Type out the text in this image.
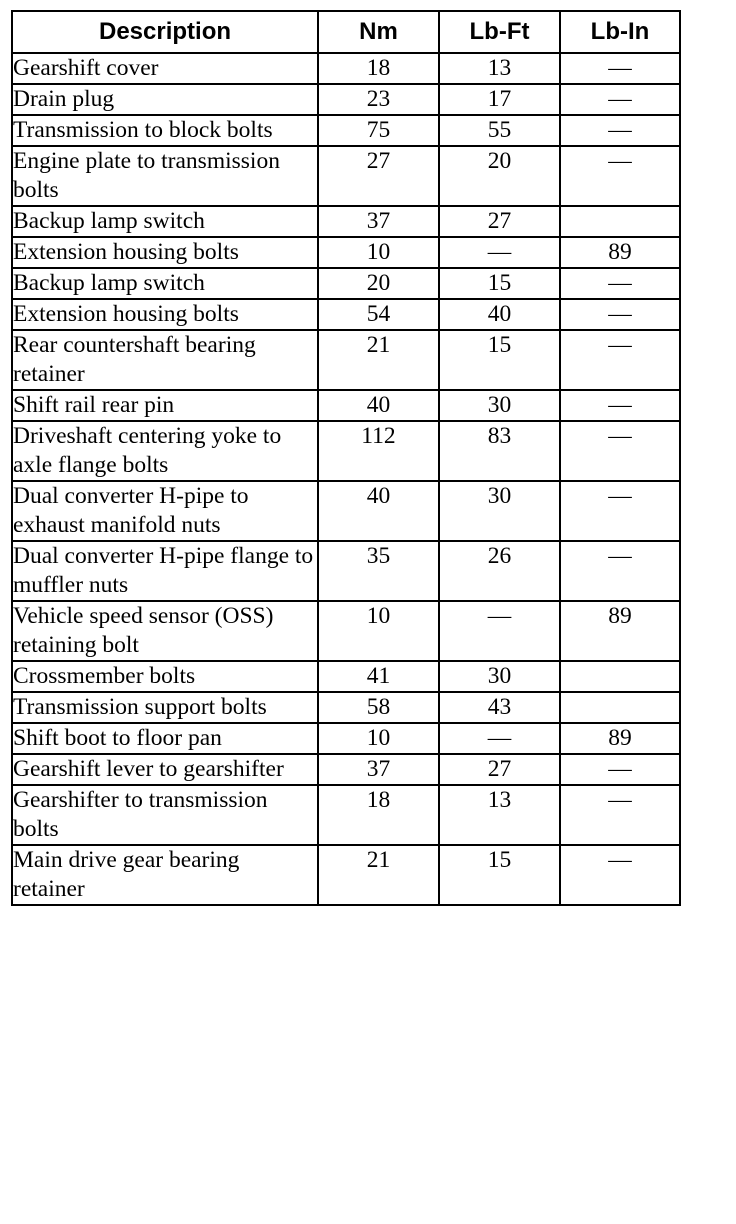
Description	Nm	Lb-Ft	Lb-In
Gearshift cover	18	13	—
Drain plug	23	17	—
Transmission to block bolts	75	55	—
Engine plate to transmission bolts	27	20	—
Backup lamp switch	37	27	
Extension housing bolts	10	—	89
Backup lamp switch	20	15	—
Extension housing bolts	54	40	—
Rear countershaft bearing retainer	21	15	—
Shift rail rear pin	40	30	—
Driveshaft centering yoke to axle flange bolts	112	83	—
Dual converter H-pipe to exhaust manifold nuts	40	30	—
Dual converter H-pipe flange to muffler nuts	35	26	—
Vehicle speed sensor (OSS) retaining bolt	10	—	89
Crossmember bolts	41	30	
Transmission support bolts	58	43	
Shift boot to floor pan	10	—	89
Gearshift lever to gearshifter	37	27	—
Gearshifter to transmission bolts	18	13	—
Main drive gear bearing retainer	21	15	—
